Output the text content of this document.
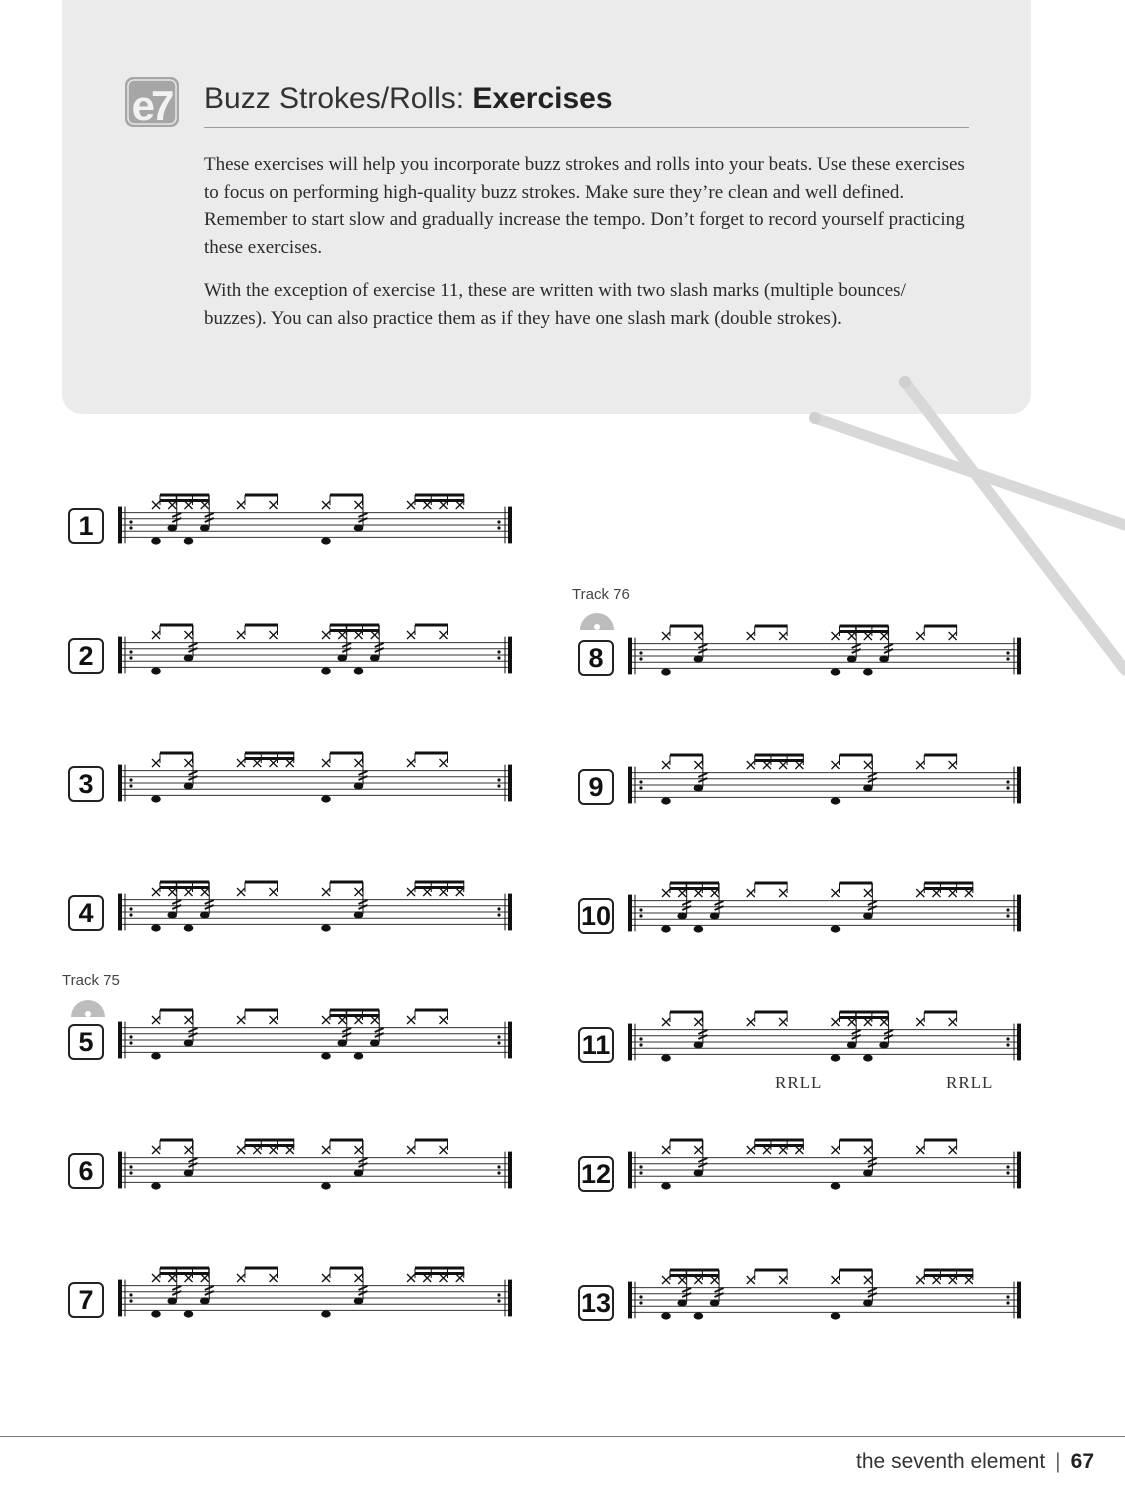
e7 Buzz Strokes/Rolls: Exercises

These exercises will help you incorporate buzz strokes and rolls into your beats. Use these exercises to focus on performing high-quality buzz strokes. Make sure they’re clean and well defined. Remember to start slow and gradually increase the tempo. Don’t forget to record yourself practicing these exercises.

With the exception of exercise 11, these are written with two slash marks (multiple bounces/ buzzes). You can also practice them as if they have one slash mark (double strokes).

1
2
3
4
5
6
7
8
9
10
11
12
13
Track 75
Track 76
RRLL	RRLL
the seventh element | 67
